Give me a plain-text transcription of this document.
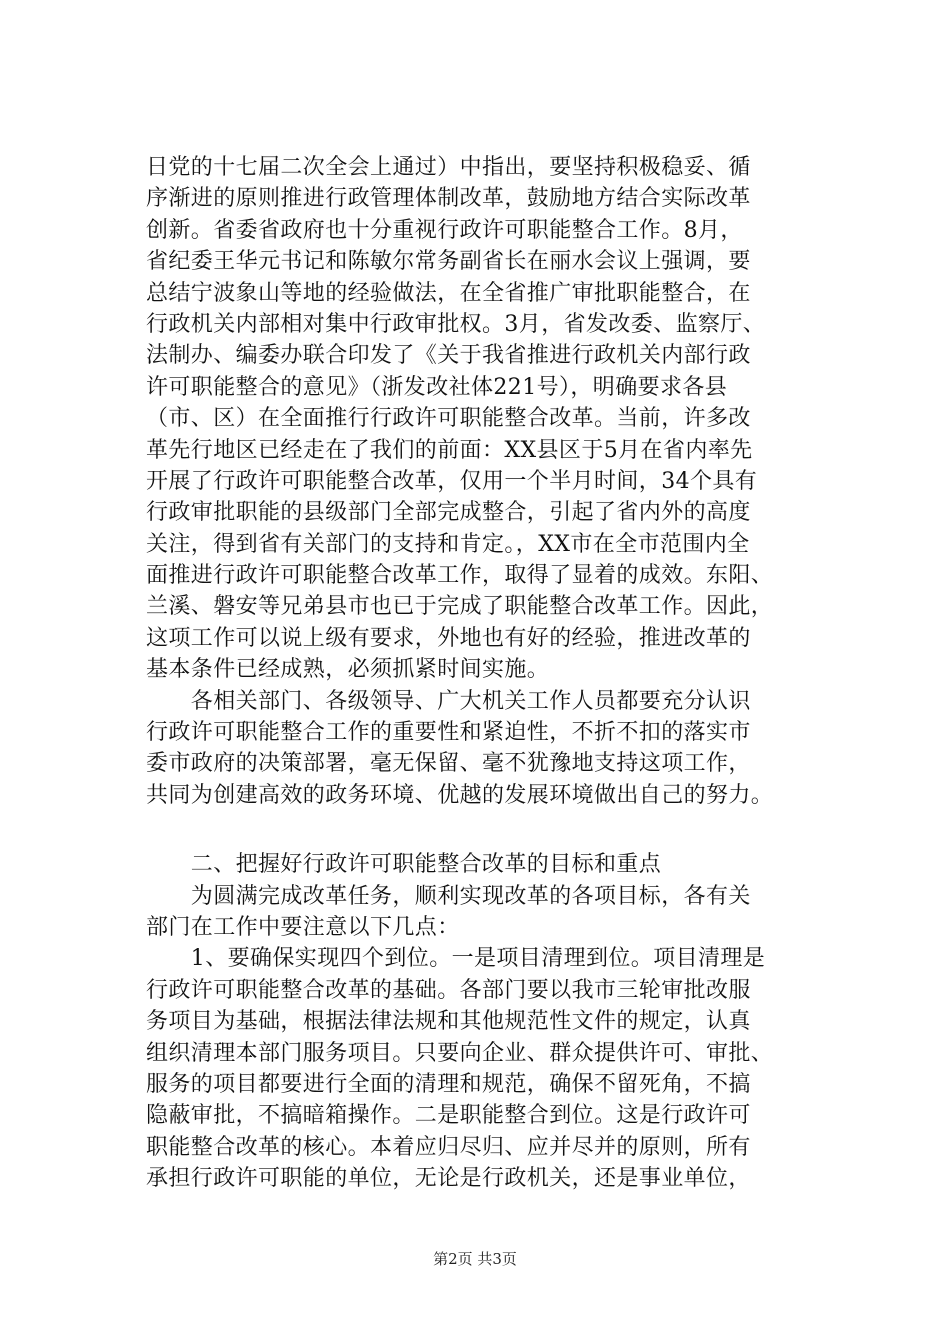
日党的十七届二次全会上通过）中指出，要坚持积极稳妥、循
序渐进的原则推进行政管理体制改革，鼓励地方结合实际改革
创新。省委省政府也十分重视行政许可职能整合工作。8月，
省纪委王华元书记和陈敏尔常务副省长在丽水会议上强调，要
总结宁波象山等地的经验做法，在全省推广审批职能整合，在
行政机关内部相对集中行政审批权。3月，省发改委、监察厅、
法制办、编委办联合印发了《关于我省推进行政机关内部行政
许可职能整合的意见》（浙发改社体221号），明确要求各县
（市、区）在全面推行行政许可职能整合改革。当前，许多改
革先行地区已经走在了我们的前面：XX县区于5月在省内率先
开展了行政许可职能整合改革，仅用一个半月时间，34个具有
行政审批职能的县级部门全部完成整合，引起了省内外的高度
关注，得到省有关部门的支持和肯定。，XX市在全市范围内全
面推进行政许可职能整合改革工作，取得了显着的成效。东阳、
兰溪、磐安等兄弟县市也已于完成了职能整合改革工作。因此，
这项工作可以说上级有要求，外地也有好的经验，推进改革的
基本条件已经成熟，必须抓紧时间实施。
　　各相关部门、各级领导、广大机关工作人员都要充分认识
行政许可职能整合工作的重要性和紧迫性，不折不扣的落实市
委市政府的决策部署，毫无保留、毫不犹豫地支持这项工作，
共同为创建高效的政务环境、优越的发展环境做出自己的努力。
　　二、把握好行政许可职能整合改革的目标和重点
　　为圆满完成改革任务，顺利实现改革的各项目标，各有关
部门在工作中要注意以下几点：
　　1、要确保实现四个到位。一是项目清理到位。项目清理是
行政许可职能整合改革的基础。各部门要以我市三轮审批改服
务项目为基础，根据法律法规和其他规范性文件的规定，认真
组织清理本部门服务项目。只要向企业、群众提供许可、审批、
服务的项目都要进行全面的清理和规范，确保不留死角，不搞
隐蔽审批，不搞暗箱操作。二是职能整合到位。这是行政许可
职能整合改革的核心。本着应归尽归、应并尽并的原则，所有
承担行政许可职能的单位，无论是行政机关，还是事业单位，
第2页 共3页
